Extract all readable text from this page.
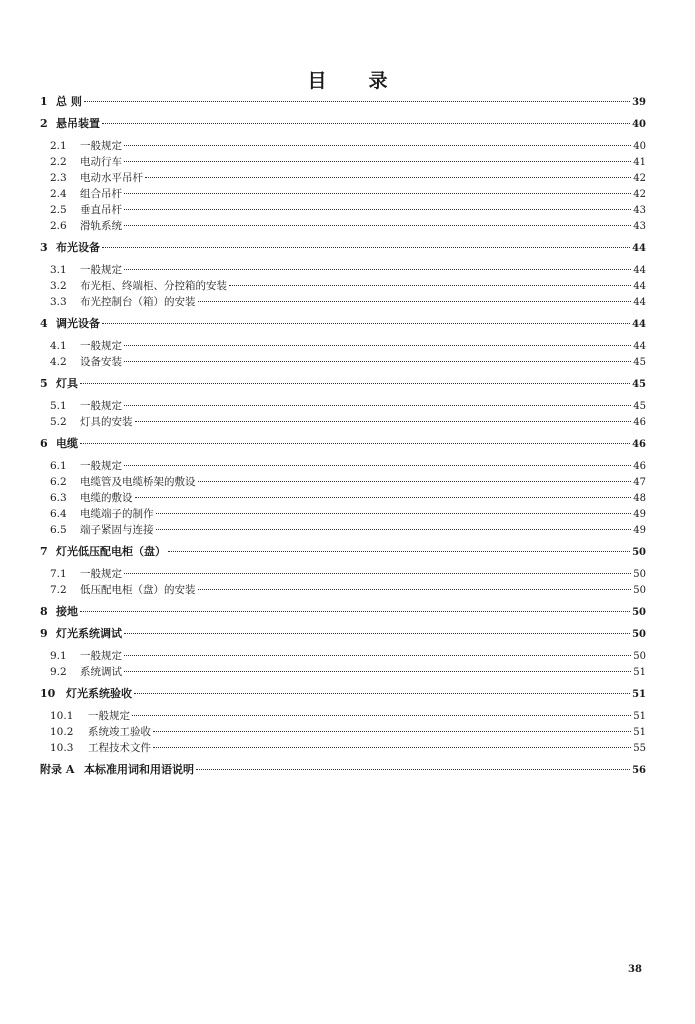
目 录
1 总 则	39
2 悬吊装置	40
2.1	一般规定	40
2.2	电动行车	41
2.3	电动水平吊杆	42
2.4	组合吊杆	42
2.5	垂直吊杆	43
2.6	滑轨系统	43
3 布光设备	44
3.1	一般规定	44
3.2	布光柜、终端柜、分控箱的安装	44
3.3	布光控制台（箱）的安装	44
4 调光设备	44
4.1	一般规定	44
4.2	设备安装	45
5 灯具	45
5.1	一般规定	45
5.2	灯具的安装	46
6 电缆	46
6.1	一般规定	46
6.2	电缆管及电缆桥架的敷设	47
6.3	电缆的敷设	48
6.4	电缆端子的制作	49
6.5	端子紧固与连接	49
7 灯光低压配电柜（盘）	50
7.1	一般规定	50
7.2	低压配电柜（盘）的安装	50
8 接地	50
9 灯光系统调试	50
9.1	一般规定	50
9.2	系统调试	51
10 灯光系统验收	51
10.1	一般规定	51
10.2	系统竣工验收	51
10.3	工程技术文件	55
附录 A 本标准用词和用语说明	56
38
